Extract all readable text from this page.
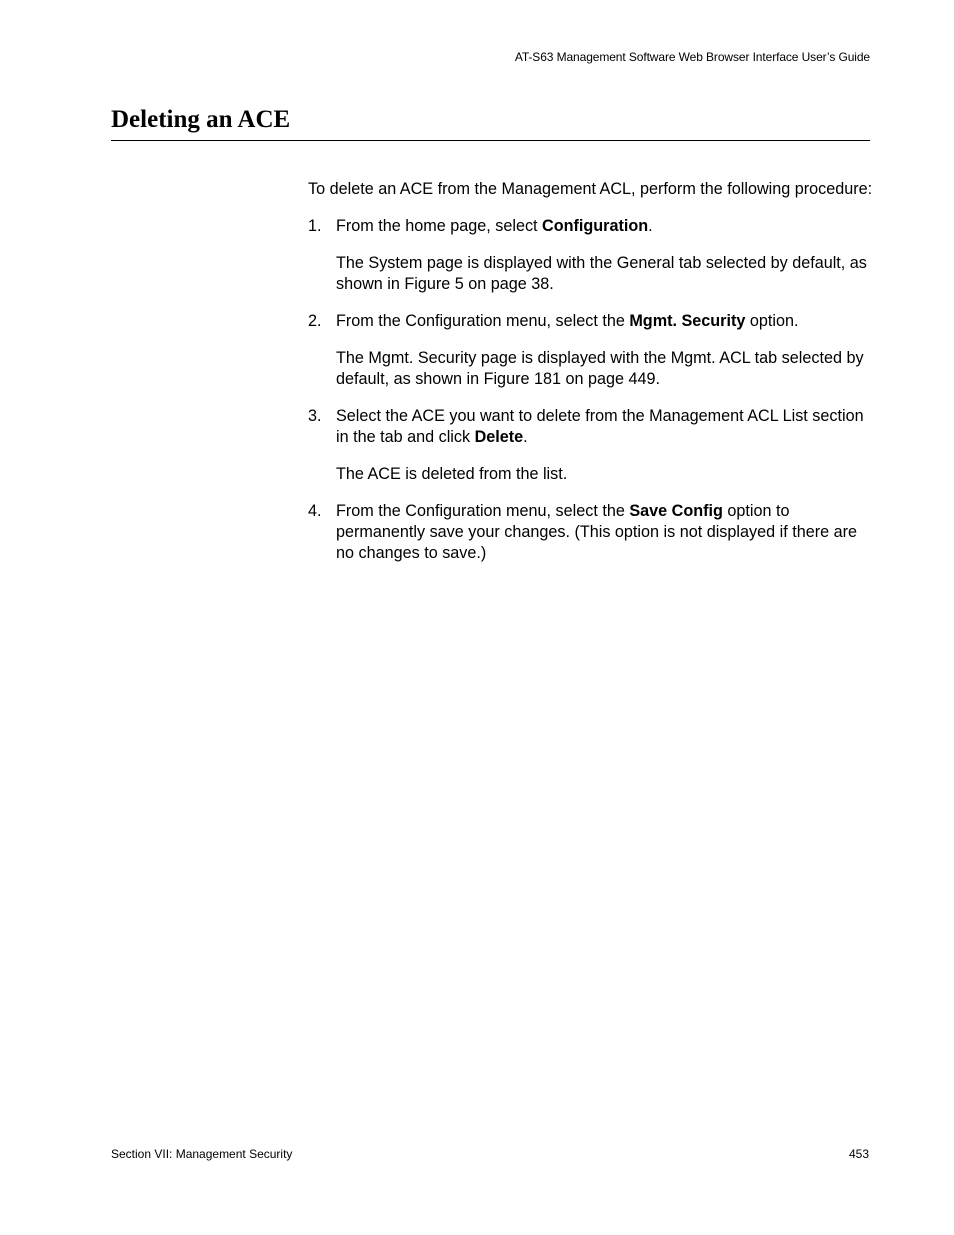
AT-S63 Management Software Web Browser Interface User’s Guide
Deleting an ACE

To delete an ACE from the Management ACL, perform the following procedure:

1. From the home page, select Configuration.

The System page is displayed with the General tab selected by default, as shown in Figure 5 on page 38.

2. From the Configuration menu, select the Mgmt. Security option.

The Mgmt. Security page is displayed with the Mgmt. ACL tab selected by default, as shown in Figure 181 on page 449.

3. Select the ACE you want to delete from the Management ACL List section in the tab and click Delete.

The ACE is deleted from the list.

4. From the Configuration menu, select the Save Config option to permanently save your changes. (This option is not displayed if there are no changes to save.)
Section VII: Management Security	453
